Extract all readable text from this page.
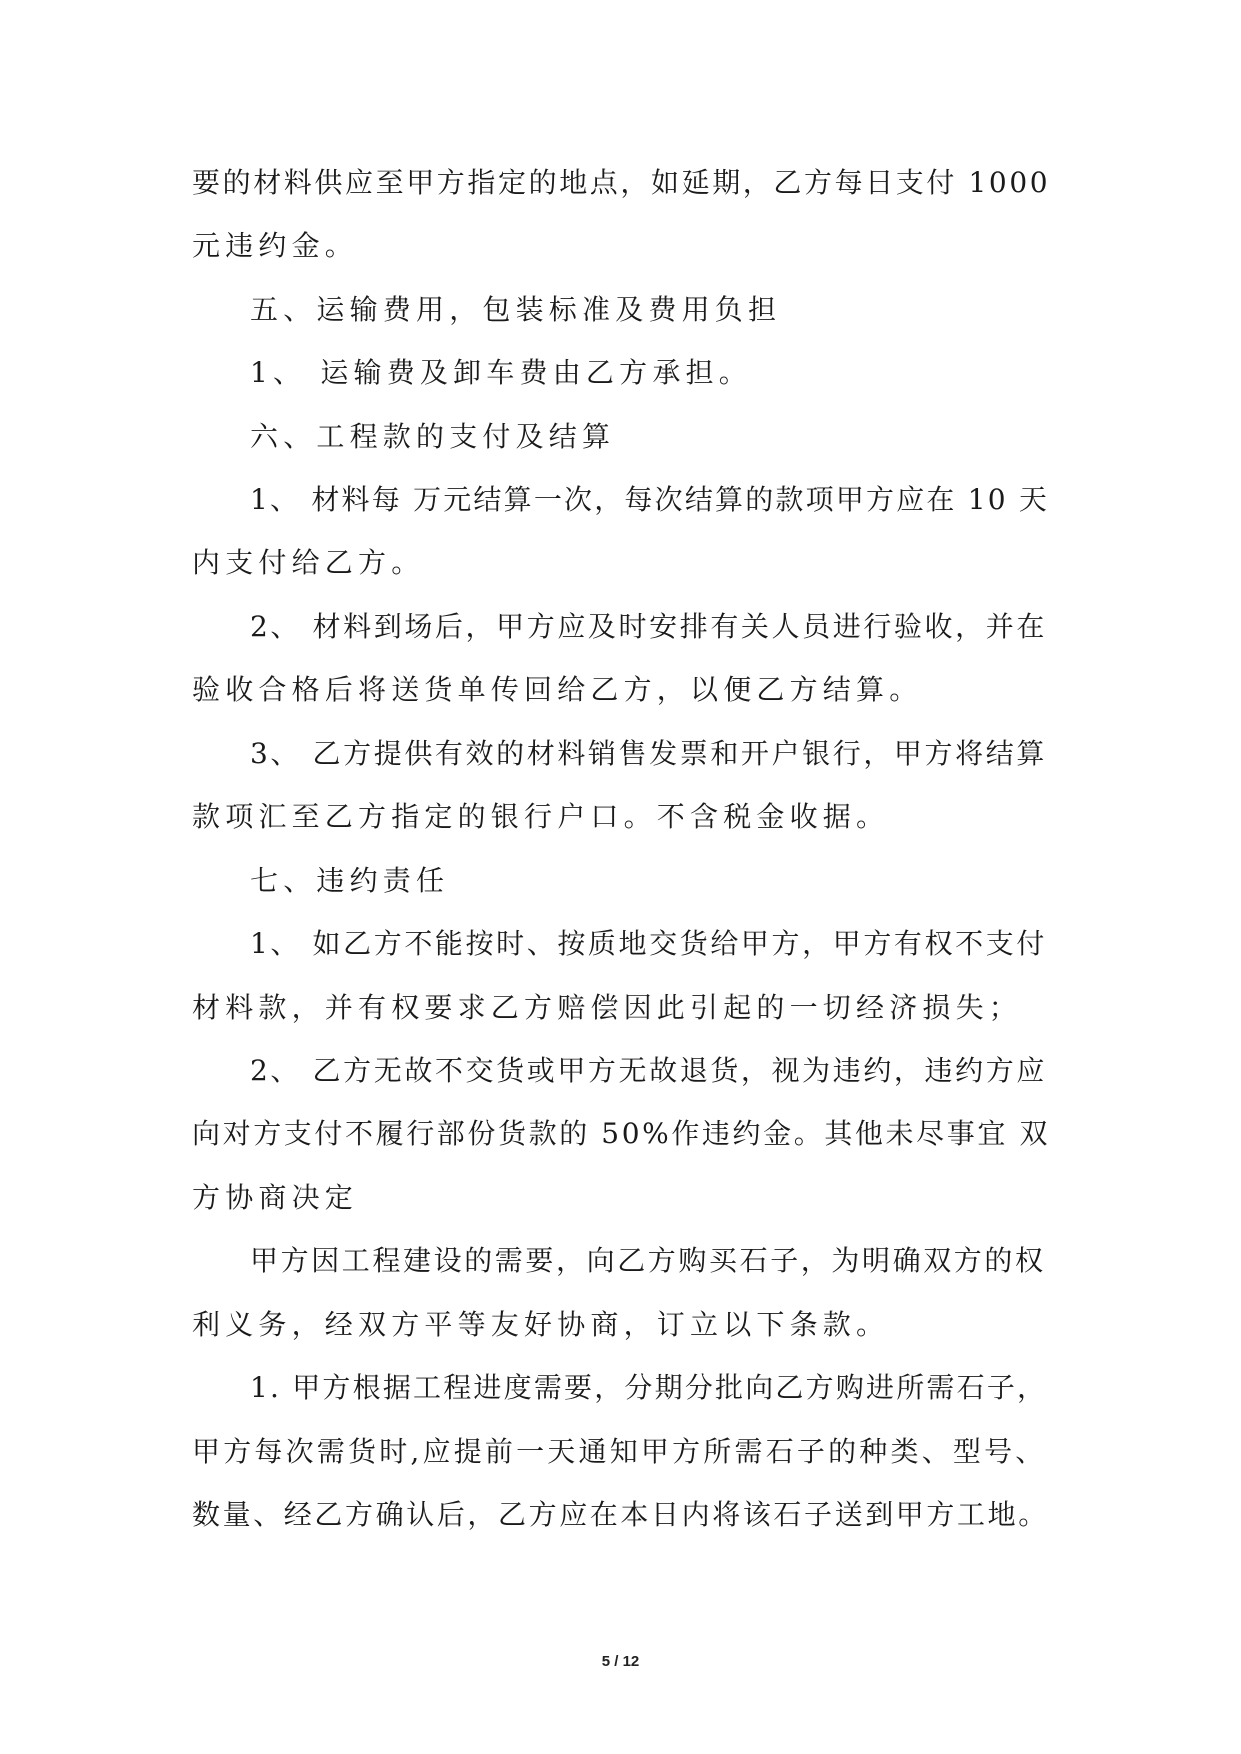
要的材料供应至甲方指定的地点，如延期，乙方每日支付 1000
元违约金。
五、运输费用，包装标准及费用负担
1、 运输费及卸车费由乙方承担。
六、工程款的支付及结算
1、 材料每 万元结算一次，每次结算的款项甲方应在 10 天
内支付给乙方。
2、 材料到场后，甲方应及时安排有关人员进行验收，并在
验收合格后将送货单传回给乙方，以便乙方结算。
3、 乙方提供有效的材料销售发票和开户银行，甲方将结算
款项汇至乙方指定的银行户口。不含税金收据。
七、违约责任
1、 如乙方不能按时、按质地交货给甲方，甲方有权不支付
材料款，并有权要求乙方赔偿因此引起的一切经济损失；
2、 乙方无故不交货或甲方无故退货，视为违约，违约方应
向对方支付不履行部份货款的 50%作违约金。其他未尽事宜 双
方协商决定
甲方因工程建设的需要，向乙方购买石子，为明确双方的权
利义务，经双方平等友好协商，订立以下条款。
1. 甲方根据工程进度需要，分期分批向乙方购进所需石子，
甲方每次需货时,应提前一天通知甲方所需石子的种类、型号、
数量、经乙方确认后，乙方应在本日内将该石子送到甲方工地。
5 / 12
